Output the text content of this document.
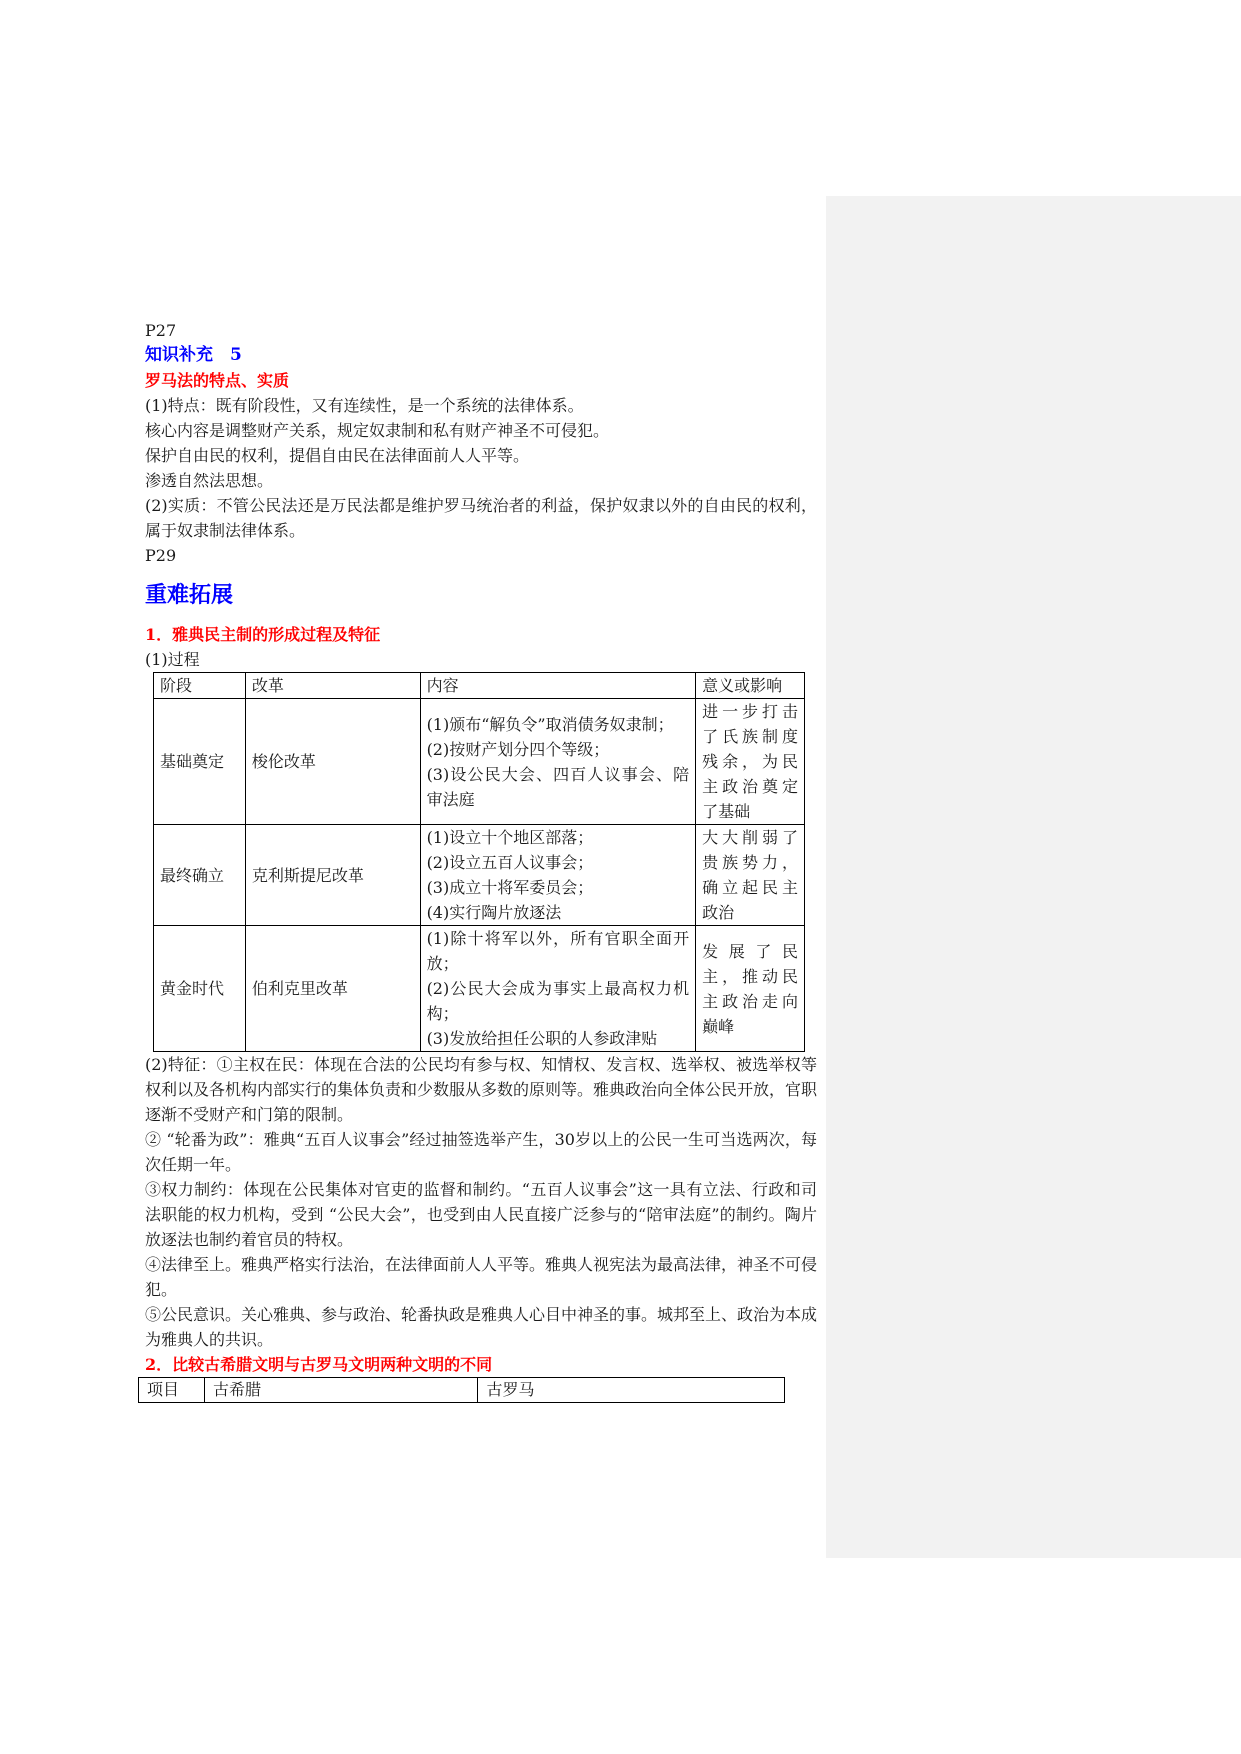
P27

知识补充　5

罗马法的特点、实质

(1)特点：既有阶段性，又有连续性，是一个系统的法律体系。

核心内容是调整财产关系，规定奴隶制和私有财产神圣不可侵犯。

保护自由民的权利，提倡自由民在法律面前人人平等。

渗透自然法思想。

(2)实质：不管公民法还是万民法都是维护罗马统治者的利益，保护奴隶以外的自由民的权利，属于奴隶制法律体系。

P29

重难拓展

1．雅典民主制的形成过程及特征

(1)过程

阶段	改革	内容	意义或影响
基础奠定	梭伦改革	(1)颁布“解负令”取消债务奴隶制；
(2)按财产划分四个等级；
(3)设公民大会、四百人议事会、陪审法庭	进一步打击了氏族制度残余，为民主政治奠定了基础
最终确立	克利斯提尼改革	(1)设立十个地区部落；
(2)设立五百人议事会；
(3)成立十将军委员会；
(4)实行陶片放逐法	大大削弱了贵族势力，确立起民主政治
黄金时代	伯利克里改革	(1)除十将军以外，所有官职全面开放；
(2)公民大会成为事实上最高权力机构；
(3)发放给担任公职的人参政津贴	发展了民主，推动民主政治走向巅峰

(2)特征：①主权在民：体现在合法的公民均有参与权、知情权、发言权、选举权、被选举权等权利以及各机构内部实行的集体负责和少数服从多数的原则等。雅典政治向全体公民开放，官职逐渐不受财产和门第的限制。

② “轮番为政”：雅典“五百人议事会”经过抽签选举产生，30岁以上的公民一生可当选两次，每次任期一年。

③权力制约：体现在公民集体对官吏的监督和制约。“五百人议事会”这一具有立法、行政和司法职能的权力机构，受到 “公民大会”，也受到由人民直接广泛参与的“陪审法庭”的制约。陶片放逐法也制约着官员的特权。

④法律至上。雅典严格实行法治，在法律面前人人平等。雅典人视宪法为最高法律，神圣不可侵犯。

⑤公民意识。关心雅典、参与政治、轮番执政是雅典人心目中神圣的事。城邦至上、政治为本成为雅典人的共识。

2．比较古希腊文明与古罗马文明两种文明的不同

项目	古希腊	古罗马
